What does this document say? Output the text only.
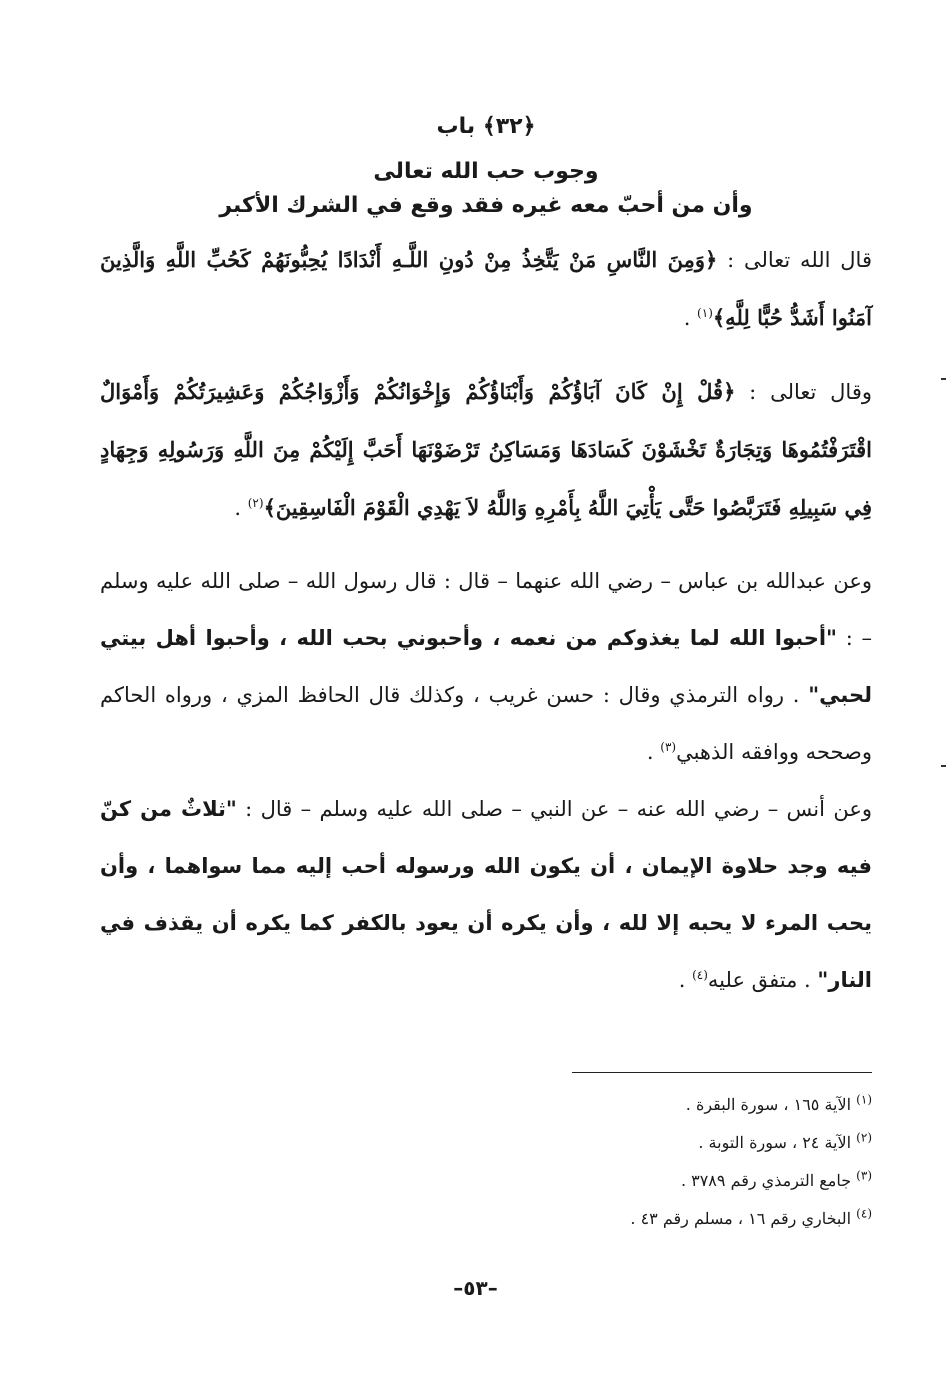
﴿٣٢﴾ باب
وجوب حب الله تعالى
وأن من أحبّ معه غيره فقد وقع في الشرك الأكبر

قال الله تعالى : ﴿وَمِنَ النَّاسِ مَنْ يَتَّخِذُ مِنْ دُونِ اللَّـهِ أَنْدَادًا يُحِبُّونَهُمْ كَحُبِّ اللَّهِ وَالَّذِينَ آمَنُوا أَشَدُّ حُبًّا لِلَّهِ﴾$^{(١)}$ .

وقال تعالى : ﴿قُلْ إِنْ كَانَ آبَاؤُكُمْ وَأَبْنَاؤُكُمْ وَإِخْوَانُكُمْ وَأَزْوَاجُكُمْ وَعَشِيرَتُكُمْ وَأَمْوَالٌ اقْتَرَفْتُمُوهَا وَتِجَارَةٌ تَخْشَوْنَ كَسَادَهَا وَمَسَاكِنُ تَرْضَوْنَهَا أَحَبَّ إِلَيْكُمْ مِنَ اللَّهِ وَرَسُولِهِ وَجِهَادٍ فِي سَبِيلِهِ فَتَرَبَّصُوا حَتَّى يَأْتِيَ اللَّهُ بِأَمْرِهِ وَاللَّهُ لاَ يَهْدِي الْقَوْمَ الْفَاسِقِينَ﴾$^{(٢)}$ .

وعن عبدالله بن عباس – رضي الله عنهما – قال : قال رسول الله – صلى الله عليه وسلم – : "أحبوا الله لما يغذوكم من نعمه ، وأحبوني بحب الله ، وأحبوا أهل بيتي لحبي" . رواه الترمذي وقال : حسن غريب ، وكذلك قال الحافظ المزي ، ورواه الحاكم وصححه ووافقه الذهبي$^{(٣)}$ .

وعن أنس – رضي الله عنه – عن النبي – صلى الله عليه وسلم – قال : "ثلاثٌ من كنّ فيه وجد حلاوة الإيمان ، أن يكون الله ورسوله أحب إليه مما سواهما ، وأن يحب المرء لا يحبه إلا لله ، وأن يكره أن يعود بالكفر كما يكره أن يقذف في النار" . متفق عليه$^{(٤)}$ .

$^{(١)}$ الآية ١٦٥ ، سورة البقرة .
$^{(٢)}$ الآية ٢٤ ، سورة التوبة .
$^{(٣)}$ جامع الترمذي رقم ٣٧٨٩ .
$^{(٤)}$ البخاري رقم ١٦ ، مسلم رقم ٤٣ .
–٥٣–
